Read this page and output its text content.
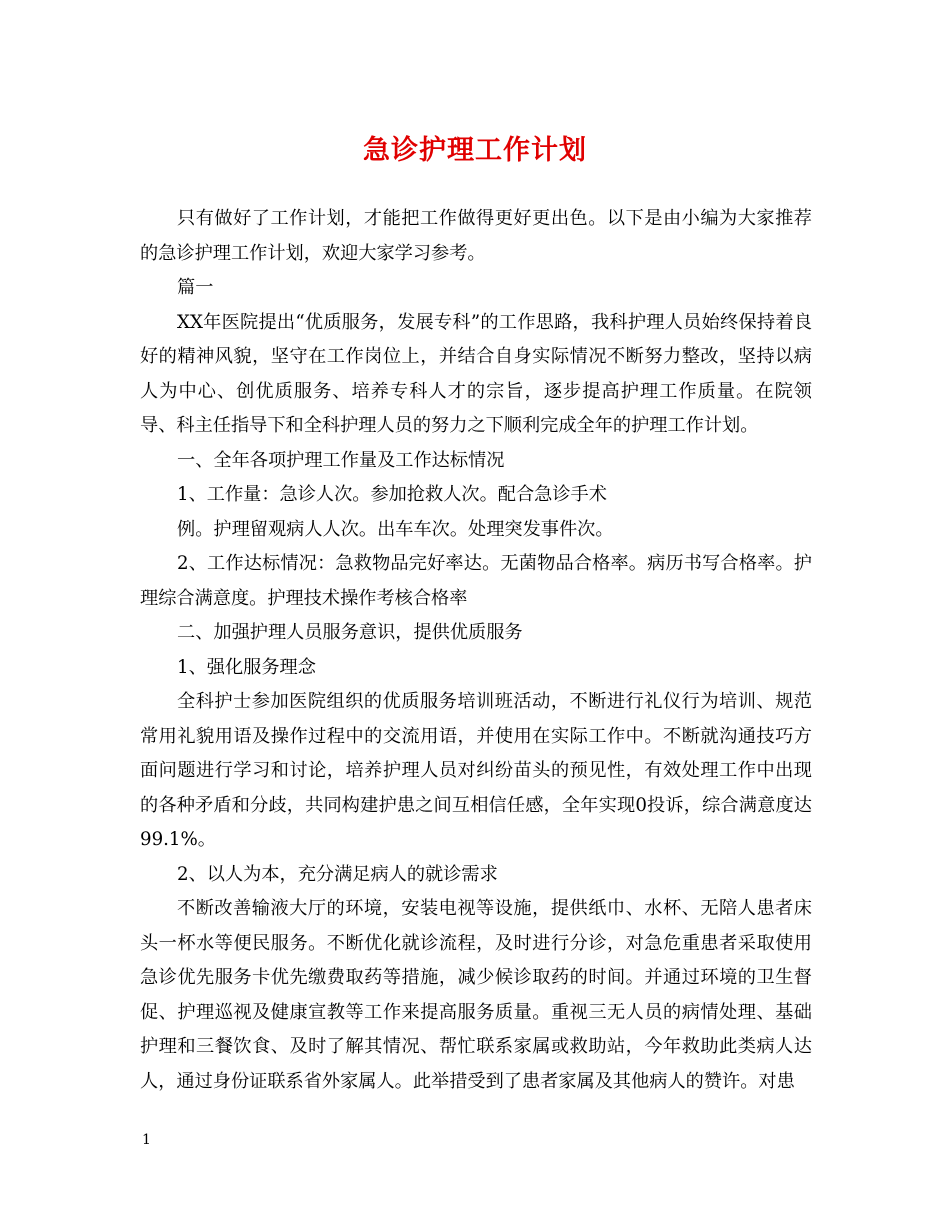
急诊护理工作计划

只有做好了工作计划，才能把工作做得更好更出色。以下是由小编为大家推荐的急诊护理工作计划，欢迎大家学习参考。

篇一

XX年医院提出“优质服务，发展专科”的工作思路，我科护理人员始终保持着良好的精神风貌，坚守在工作岗位上，并结合自身实际情况不断努力整改，坚持以病人为中心、创优质服务、培养专科人才的宗旨，逐步提高护理工作质量。在院领导、科主任指导下和全科护理人员的努力之下顺利完成全年的护理工作计划。

一、全年各项护理工作量及工作达标情况

1、工作量：急诊人次。参加抢救人次。配合急诊手术

例。护理留观病人人次。出车车次。处理突发事件次。

2、工作达标情况：急救物品完好率达。无菌物品合格率。病历书写合格率。护理综合满意度。护理技术操作考核合格率

二、加强护理人员服务意识，提供优质服务

1、强化服务理念

全科护士参加医院组织的优质服务培训班活动，不断进行礼仪行为培训、规范常用礼貌用语及操作过程中的交流用语，并使用在实际工作中。不断就沟通技巧方面问题进行学习和讨论，培养护理人员对纠纷苗头的预见性，有效处理工作中出现的各种矛盾和分歧，共同构建护患之间互相信任感，全年实现0投诉，综合满意度达 99.1%。

2、以人为本，充分满足病人的就诊需求

不断改善输液大厅的环境，安装电视等设施，提供纸巾、水杯、无陪人患者床头一杯水等便民服务。不断优化就诊流程，及时进行分诊，对急危重患者采取使用急诊优先服务卡优先缴费取药等措施，减少候诊取药的时间。并通过环境的卫生督促、护理巡视及健康宣教等工作来提高服务质量。重视三无人员的病情处理、基础护理和三餐饮食、及时了解其情况、帮忙联系家属或救助站，今年救助此类病人达人，通过身份证联系省外家属人。此举措受到了患者家属及其他病人的赞许。对患

1
